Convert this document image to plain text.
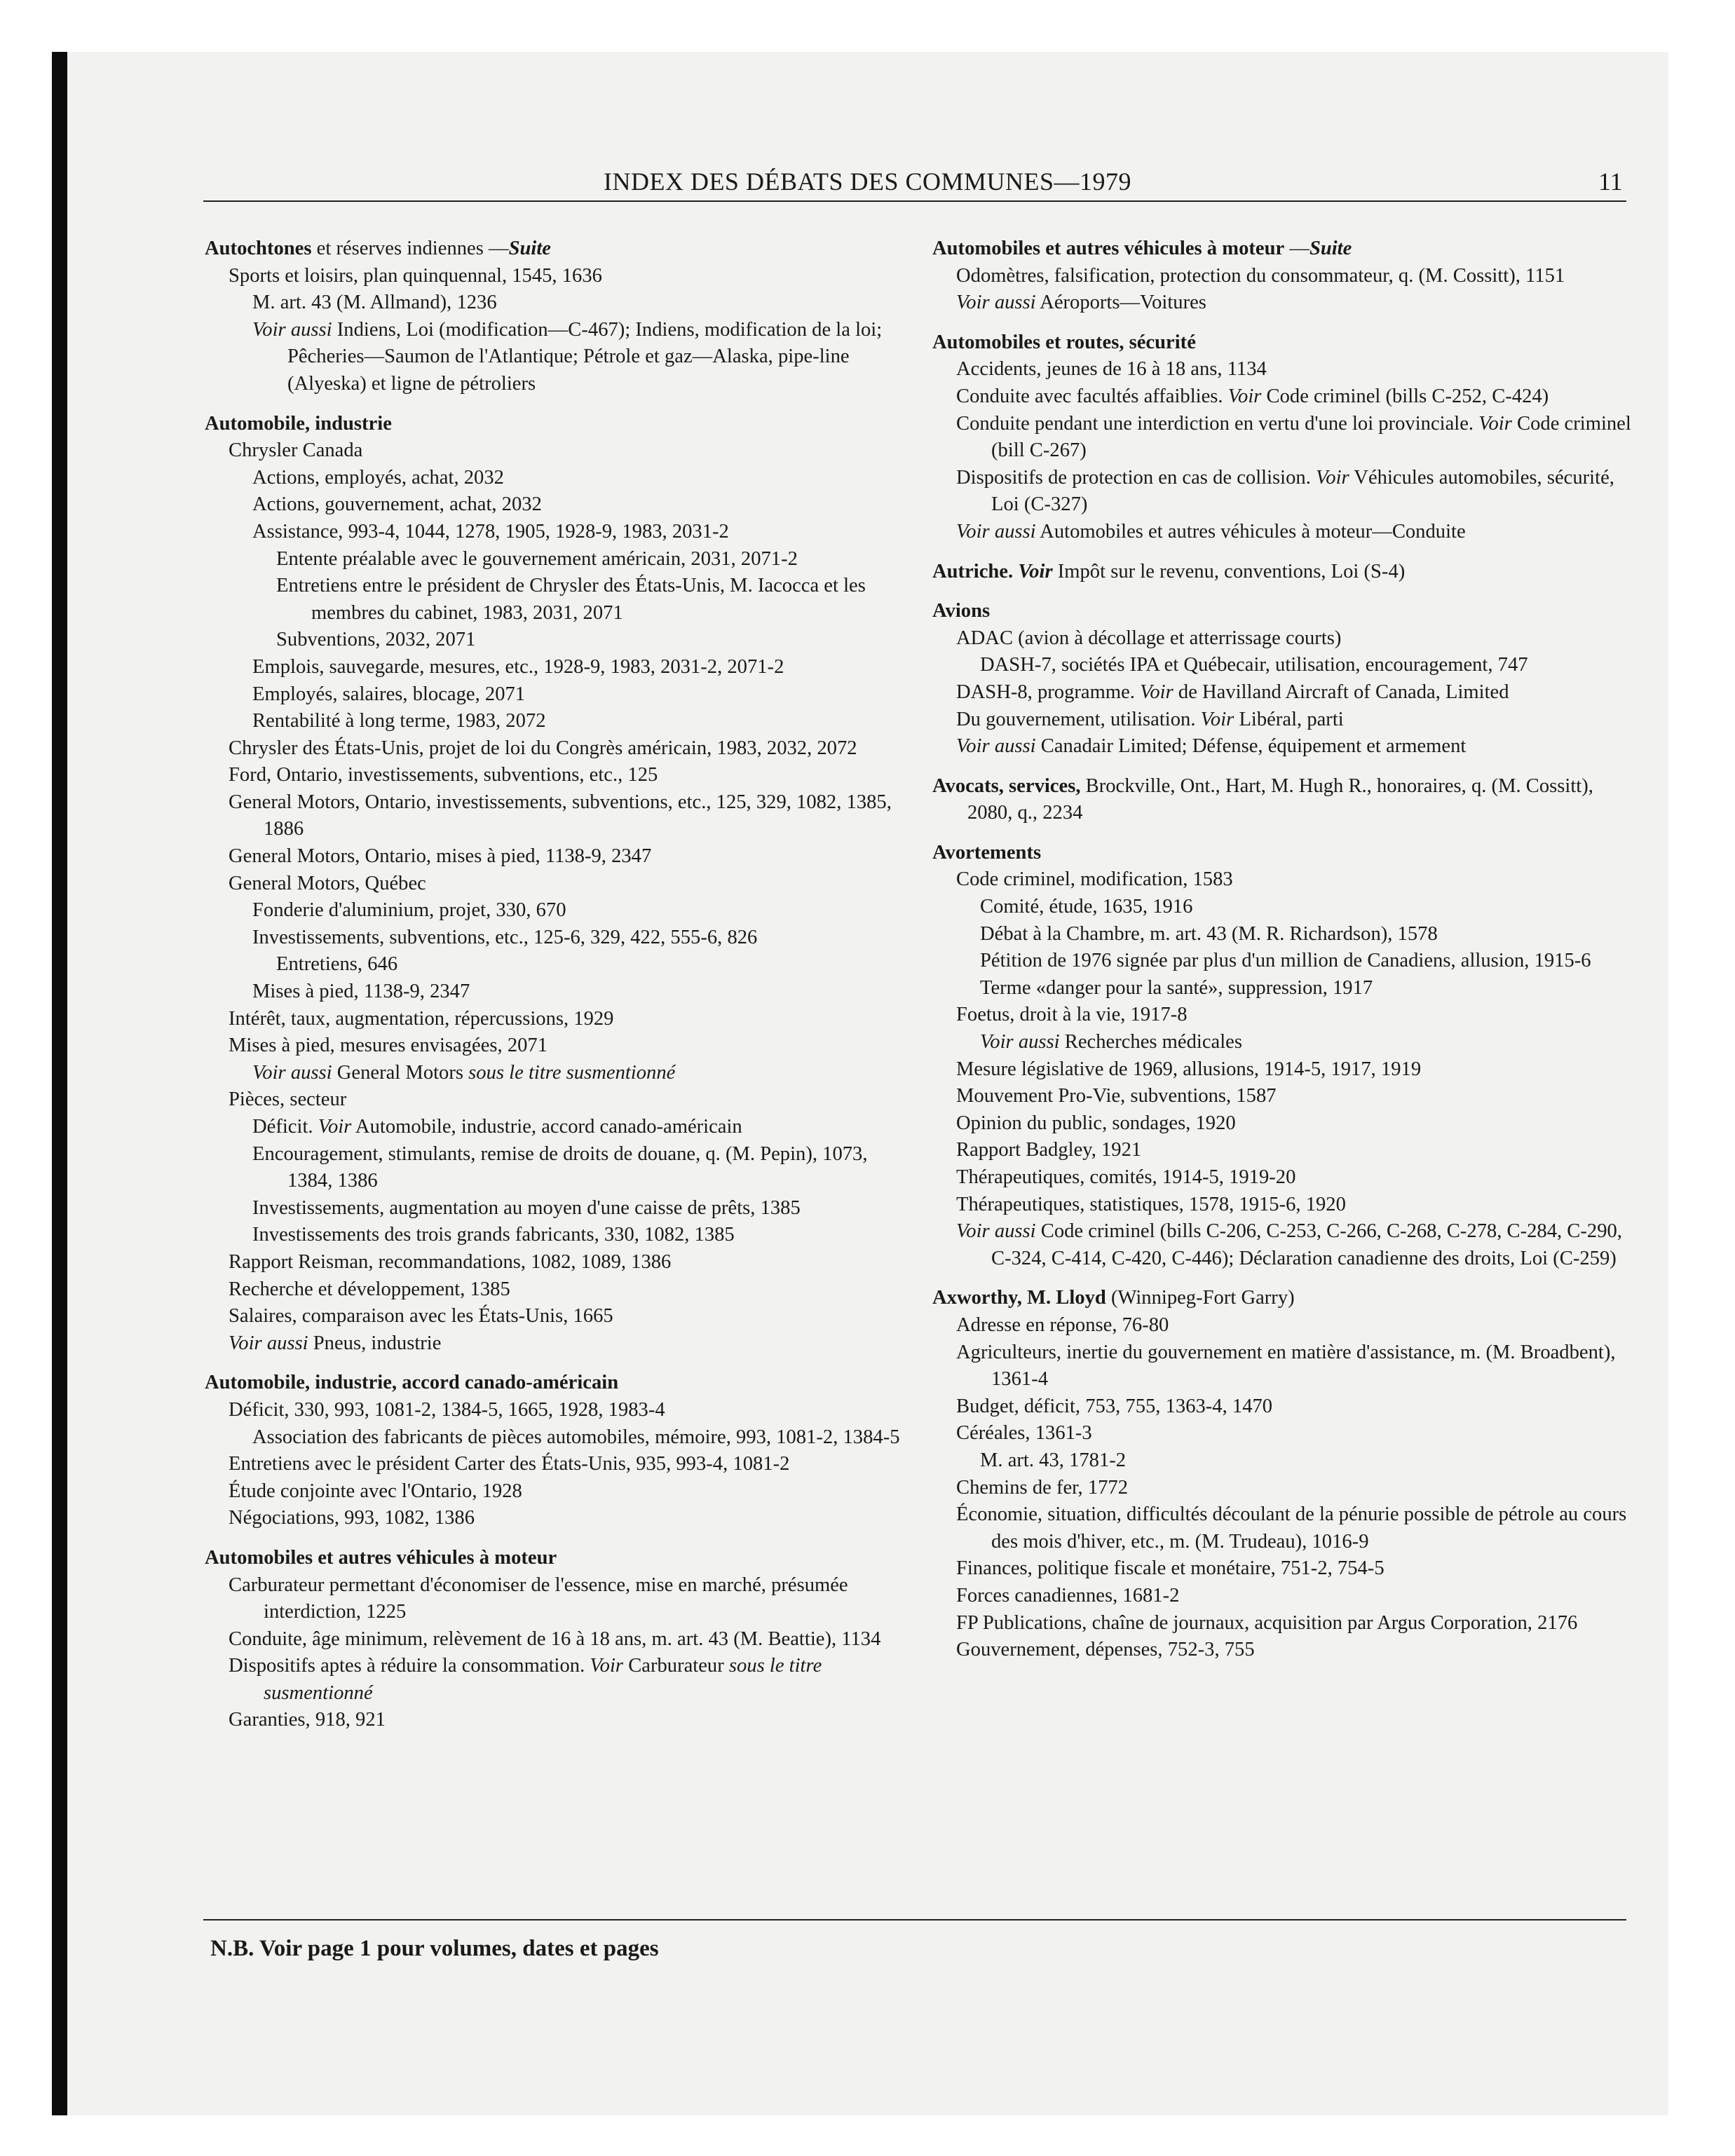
INDEX DES DÉBATS DES COMMUNES—1979	11
Autochtones et réserves indiennes —Suite
Sports et loisirs, plan quinquennal, 1545, 1636
M. art. 43 (M. Allmand), 1236
Voir aussi Indiens, Loi (modification—C-467); Indiens, modification de la loi; Pêcheries—Saumon de l'Atlantique; Pétrole et gaz—Alaska, pipe-line (Alyeska) et ligne de pétroliers
Automobile, industrie
Chrysler Canada
Actions, employés, achat, 2032
Actions, gouvernement, achat, 2032
Assistance, 993-4, 1044, 1278, 1905, 1928-9, 1983, 2031-2
Entente préalable avec le gouvernement américain, 2031, 2071-2
Entretiens entre le président de Chrysler des États-Unis, M. Iacocca et les membres du cabinet, 1983, 2031, 2071
Subventions, 2032, 2071
Emplois, sauvegarde, mesures, etc., 1928-9, 1983, 2031-2, 2071-2
Employés, salaires, blocage, 2071
Rentabilité à long terme, 1983, 2072
Chrysler des États-Unis, projet de loi du Congrès américain, 1983, 2032, 2072
Ford, Ontario, investissements, subventions, etc., 125
General Motors, Ontario, investissements, subventions, etc., 125, 329, 1082, 1385, 1886
General Motors, Ontario, mises à pied, 1138-9, 2347
General Motors, Québec
Fonderie d'aluminium, projet, 330, 670
Investissements, subventions, etc., 125-6, 329, 422, 555-6, 826
Entretiens, 646
Mises à pied, 1138-9, 2347
Intérêt, taux, augmentation, répercussions, 1929
Mises à pied, mesures envisagées, 2071
Voir aussi General Motors sous le titre susmentionné
Pièces, secteur
Déficit. Voir Automobile, industrie, accord canado-américain
Encouragement, stimulants, remise de droits de douane, q. (M. Pepin), 1073, 1384, 1386
Investissements, augmentation au moyen d'une caisse de prêts, 1385
Investissements des trois grands fabricants, 330, 1082, 1385
Rapport Reisman, recommandations, 1082, 1089, 1386
Recherche et développement, 1385
Salaires, comparaison avec les États-Unis, 1665
Voir aussi Pneus, industrie
Automobile, industrie, accord canado-américain
Déficit, 330, 993, 1081-2, 1384-5, 1665, 1928, 1983-4
Association des fabricants de pièces automobiles, mémoire, 993, 1081-2, 1384-5
Entretiens avec le président Carter des États-Unis, 935, 993-4, 1081-2
Étude conjointe avec l'Ontario, 1928
Négociations, 993, 1082, 1386
Automobiles et autres véhicules à moteur
Carburateur permettant d'économiser de l'essence, mise en marché, présumée interdiction, 1225
Conduite, âge minimum, relèvement de 16 à 18 ans, m. art. 43 (M. Beattie), 1134
Dispositifs aptes à réduire la consommation. Voir Carburateur sous le titre susmentionné
Garanties, 918, 921
Automobiles et autres véhicules à moteur —Suite
Odomètres, falsification, protection du consommateur, q. (M. Cossitt), 1151
Voir aussi Aéroports—Voitures
Automobiles et routes, sécurité
Accidents, jeunes de 16 à 18 ans, 1134
Conduite avec facultés affaiblies. Voir Code criminel (bills C-252, C-424)
Conduite pendant une interdiction en vertu d'une loi provinciale. Voir Code criminel (bill C-267)
Dispositifs de protection en cas de collision. Voir Véhicules automobiles, sécurité, Loi (C-327)
Voir aussi Automobiles et autres véhicules à moteur—Conduite
Autriche. Voir Impôt sur le revenu, conventions, Loi (S-4)
Avions
ADAC (avion à décollage et atterrissage courts)
DASH-7, sociétés IPA et Québecair, utilisation, encouragement, 747
DASH-8, programme. Voir de Havilland Aircraft of Canada, Limited
Du gouvernement, utilisation. Voir Libéral, parti
Voir aussi Canadair Limited; Défense, équipement et armement
Avocats, services, Brockville, Ont., Hart, M. Hugh R., honoraires, q. (M. Cossitt), 2080, q., 2234
Avortements
Code criminel, modification, 1583
Comité, étude, 1635, 1916
Débat à la Chambre, m. art. 43 (M. R. Richardson), 1578
Pétition de 1976 signée par plus d'un million de Canadiens, allusion, 1915-6
Terme «danger pour la santé», suppression, 1917
Foetus, droit à la vie, 1917-8
Voir aussi Recherches médicales
Mesure législative de 1969, allusions, 1914-5, 1917, 1919
Mouvement Pro-Vie, subventions, 1587
Opinion du public, sondages, 1920
Rapport Badgley, 1921
Thérapeutiques, comités, 1914-5, 1919-20
Thérapeutiques, statistiques, 1578, 1915-6, 1920
Voir aussi Code criminel (bills C-206, C-253, C-266, C-268, C-278, C-284, C-290, C-324, C-414, C-420, C-446); Déclaration canadienne des droits, Loi (C-259)
Axworthy, M. Lloyd (Winnipeg-Fort Garry)
Adresse en réponse, 76-80
Agriculteurs, inertie du gouvernement en matière d'assistance, m. (M. Broadbent), 1361-4
Budget, déficit, 753, 755, 1363-4, 1470
Céréales, 1361-3
M. art. 43, 1781-2
Chemins de fer, 1772
Économie, situation, difficultés découlant de la pénurie possible de pétrole au cours des mois d'hiver, etc., m. (M. Trudeau), 1016-9
Finances, politique fiscale et monétaire, 751-2, 754-5
Forces canadiennes, 1681-2
FP Publications, chaîne de journaux, acquisition par Argus Corporation, 2176
Gouvernement, dépenses, 752-3, 755
N.B. Voir page 1 pour volumes, dates et pages
